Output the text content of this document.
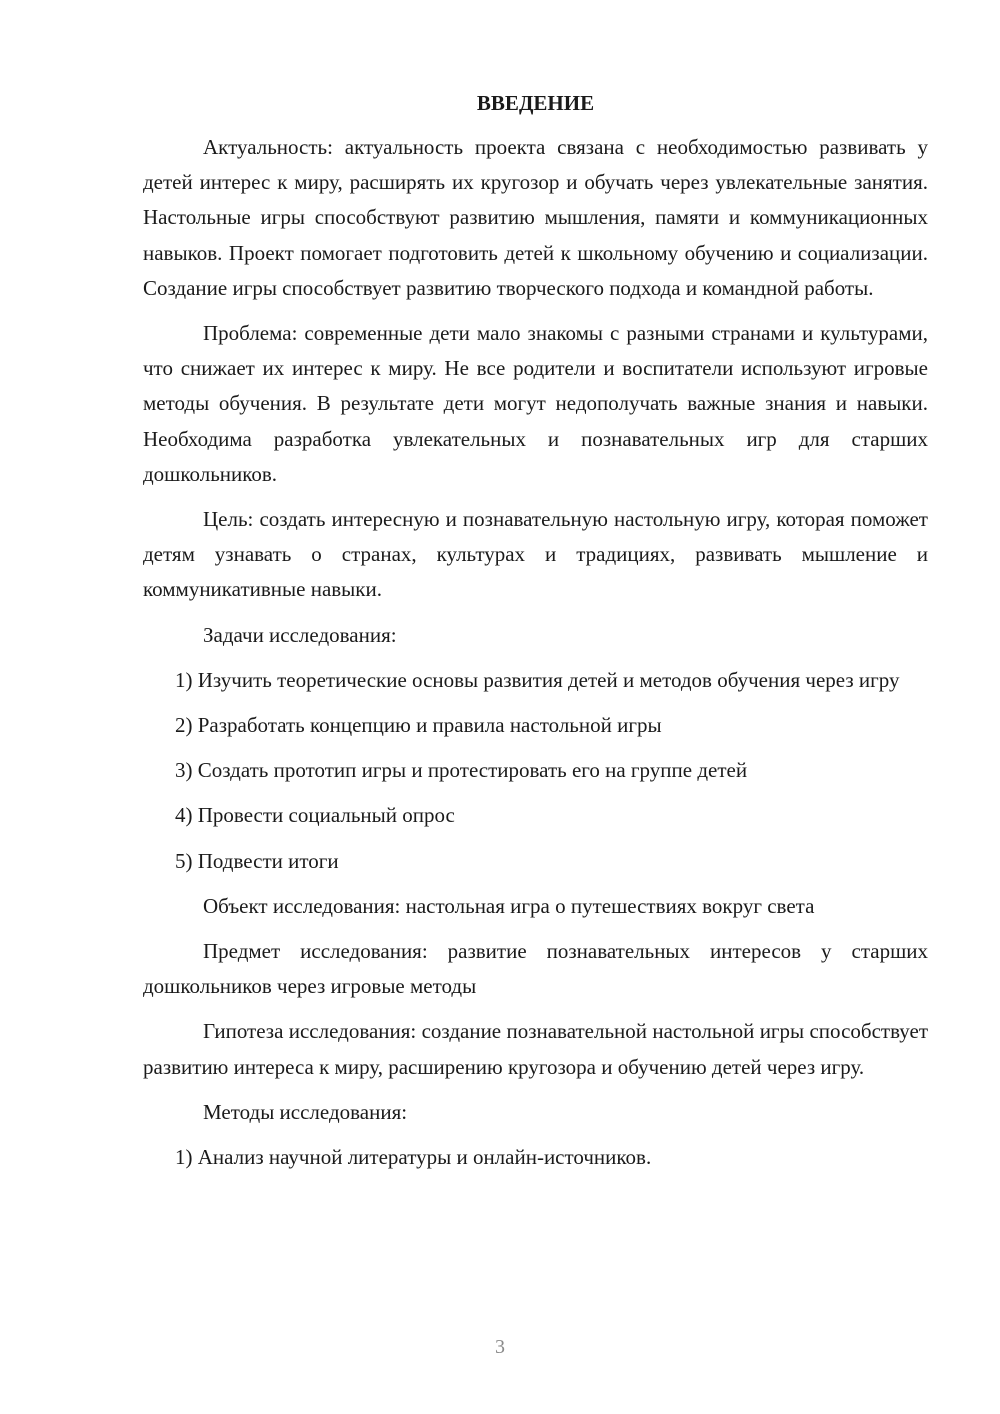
ВВЕДЕНИЕ

Актуальность: актуальность проекта связана с необходимостью развивать у детей интерес к миру, расширять их кругозор и обучать через увлекательные занятия. Настольные игры способствуют развитию мышления, памяти и коммуникационных навыков. Проект помогает подготовить детей к школьному обучению и социализации. Создание игры способствует развитию творческого подхода и командной работы.

Проблема: современные дети мало знакомы с разными странами и культурами, что снижает их интерес к миру. Не все родители и воспитатели используют игровые методы обучения. В результате дети могут недополучать важные знания и навыки. Необходима разработка увлекательных и познавательных игр для старших дошкольников.

Цель: создать интересную и познавательную настольную игру, которая поможет детям узнавать о странах, культурах и традициях, развивать мышление и коммуникативные навыки.

Задачи исследования:

1) Изучить теоретические основы развития детей и методов обучения через игру

2) Разработать концепцию и правила настольной игры
3) Создать прототип игры и протестировать его на группе детей
4) Провести социальный опрос
5) Подвести итоги
Объект исследования: настольная игра о путешествиях вокруг света

Предмет исследования: развитие познавательных интересов у старших дошкольников через игровые методы

Гипотеза исследования: создание познавательной настольной игры способствует развитию интереса к миру, расширению кругозора и обучению детей через игру.

Методы исследования:
1) Анализ научной литературы и онлайн-источников.
3
